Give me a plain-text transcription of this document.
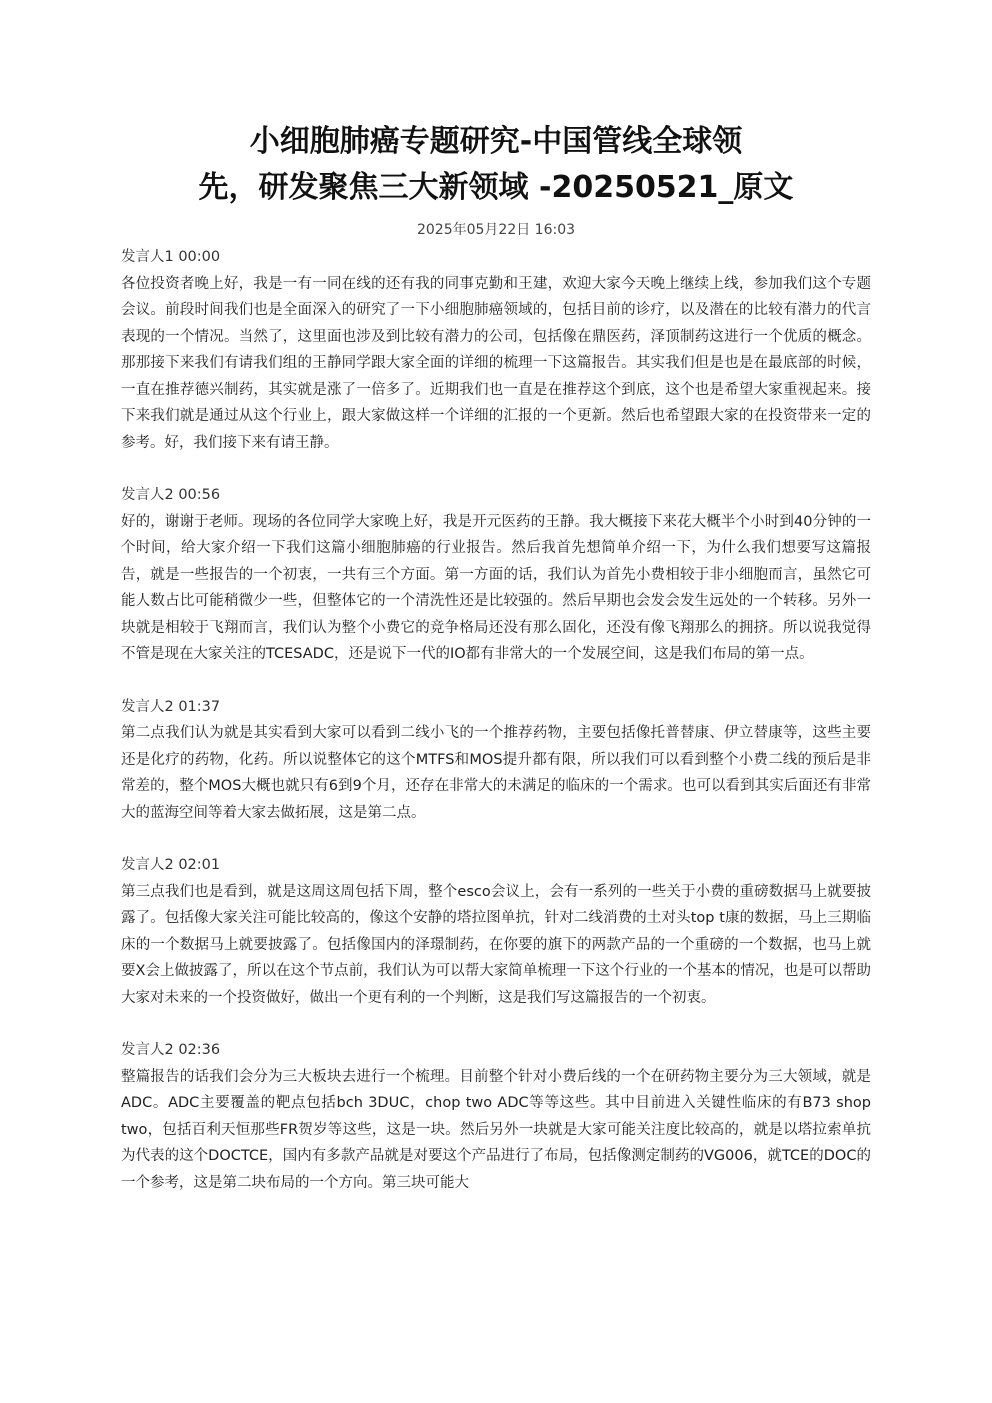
小细胞肺癌专题研究-中国管线全球领
先，研发聚焦三大新领域 -20250521_原文
2025年05月22日 16:03
发言人1 00:00

各位投资者晚上好，我是一有一同在线的还有我的同事克勤和王建，欢迎大家今天晚上继续上线，参加我们这个专题会议。前段时间我们也是全面深入的研究了一下小细胞肺癌领域的，包括目前的诊疗，以及潜在的比较有潜力的代言表现的一个情况。当然了，这里面也涉及到比较有潜力的公司，包括像在鼎医药，泽顶制药这进行一个优质的概念。那那接下来我们有请我们组的王静同学跟大家全面的详细的梳理一下这篇报告。其实我们但是也是在最底部的时候，一直在推荐德兴制药，其实就是涨了一倍多了。近期我们也一直是在推荐这个到底，这个也是希望大家重视起来。接下来我们就是通过从这个行业上，跟大家做这样一个详细的汇报的一个更新。然后也希望跟大家的在投资带来一定的参考。好，我们接下来有请王静。

发言人2 00:56

好的，谢谢于老师。现场的各位同学大家晚上好，我是开元医药的王静。我大概接下来花大概半个小时到40分钟的一个时间，给大家介绍一下我们这篇小细胞肺癌的行业报告。然后我首先想简单介绍一下，为什么我们想要写这篇报告，就是一些报告的一个初衷，一共有三个方面。第一方面的话，我们认为首先小费相较于非小细胞而言，虽然它可能人数占比可能稍微少一些，但整体它的一个清洗性还是比较强的。然后早期也会发会发生远处的一个转移。另外一块就是相较于飞翔而言，我们认为整个小费它的竞争格局还没有那么固化，还没有像飞翔那么的拥挤。所以说我觉得不管是现在大家关注的TCESADC，还是说下一代的IO都有非常大的一个发展空间，这是我们布局的第一点。

发言人2 01:37

第二点我们认为就是其实看到大家可以看到二线小飞的一个推荐药物，主要包括像托普替康、伊立替康等，这些主要还是化疗的药物，化药。所以说整体它的这个MTFS和MOS提升都有限，所以我们可以看到整个小费二线的预后是非常差的，整个MOS大概也就只有6到9个月，还存在非常大的未满足的临床的一个需求。也可以看到其实后面还有非常大的蓝海空间等着大家去做拓展，这是第二点。

发言人2 02:01

第三点我们也是看到，就是这周这周包括下周，整个esco会议上，会有一系列的一些关于小费的重磅数据马上就要披露了。包括像大家关注可能比较高的，像这个安静的塔拉图单抗，针对二线消费的土对头top t康的数据，马上三期临床的一个数据马上就要披露了。包括像国内的泽璟制药，在你要的旗下的两款产品的一个重磅的一个数据，也马上就要X会上做披露了，所以在这个节点前，我们认为可以帮大家简单梳理一下这个行业的一个基本的情况，也是可以帮助大家对未来的一个投资做好，做出一个更有利的一个判断，这是我们写这篇报告的一个初衷。

发言人2 02:36

整篇报告的话我们会分为三大板块去进行一个梳理。目前整个针对小费后线的一个在研药物主要分为三大领域，就是ADC。ADC主要覆盖的靶点包括bch 3DUC，chop two ADC等等这些。其中目前进入关键性临床的有B73 shop two，包括百利天恒那些FR贺岁等这些，这是一块。然后另外一块就是大家可能关注度比较高的，就是以塔拉索单抗为代表的这个DOCTCE，国内有多款产品就是对要这个产品进行了布局，包括像测定制药的VG006，就TCE的DOC的一个参考，这是第二块布局的一个方向。第三块可能大
